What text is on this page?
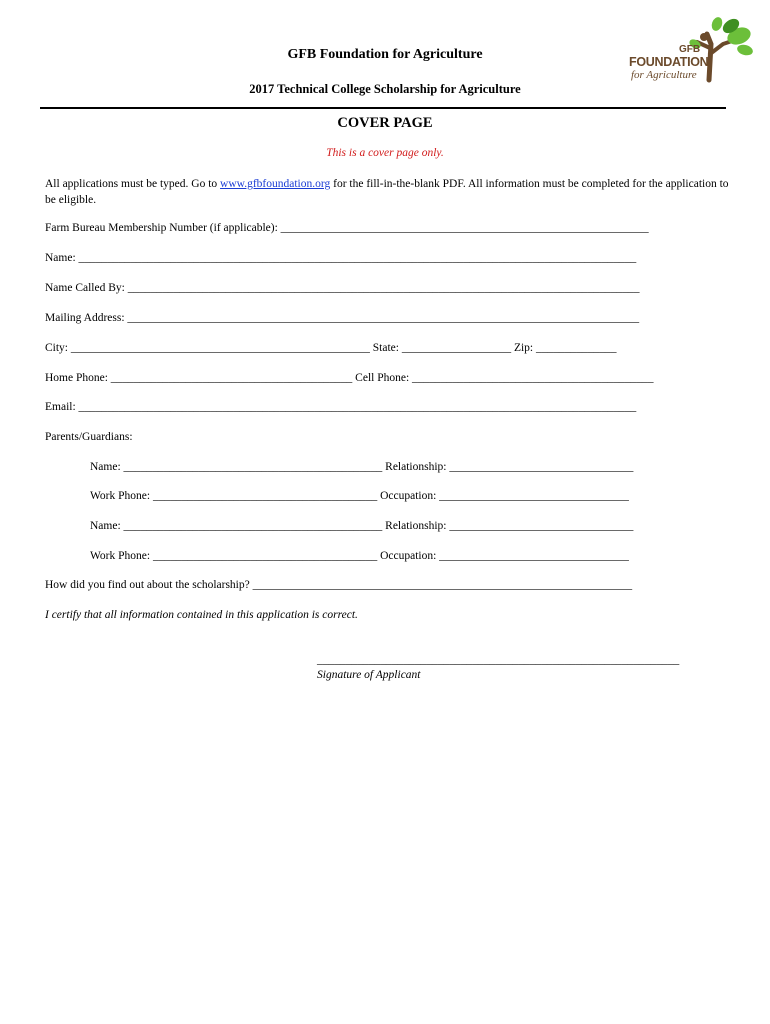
GFB
FOUNDATION
for Agriculture
GFB Foundation for Agriculture
2017 Technical College Scholarship for Agriculture
COVER PAGE
This is a cover page only.
All applications must be typed. Go to www.gfbfoundation.org for the fill-in-the-blank PDF. All information must be completed for the application to be eligible.
Farm Bureau Membership Number (if applicable): ________________________________________________________________
Name: _________________________________________________________________________________________________
Name Called By: _________________________________________________________________________________________
Mailing Address: _________________________________________________________________________________________
City: ____________________________________________________ State: ___________________ Zip: ______________
Home Phone: __________________________________________ Cell Phone: __________________________________________
Email: _________________________________________________________________________________________________
Parents/Guardians:
Name: _____________________________________________ Relationship: ________________________________
Work Phone: _______________________________________ Occupation: _________________________________
Name: _____________________________________________ Relationship: ________________________________
Work Phone: _______________________________________ Occupation: _________________________________
How did you find out about the scholarship? __________________________________________________________________
I certify that all information contained in this application is correct.
_______________________________________________________________
Signature of Applicant
